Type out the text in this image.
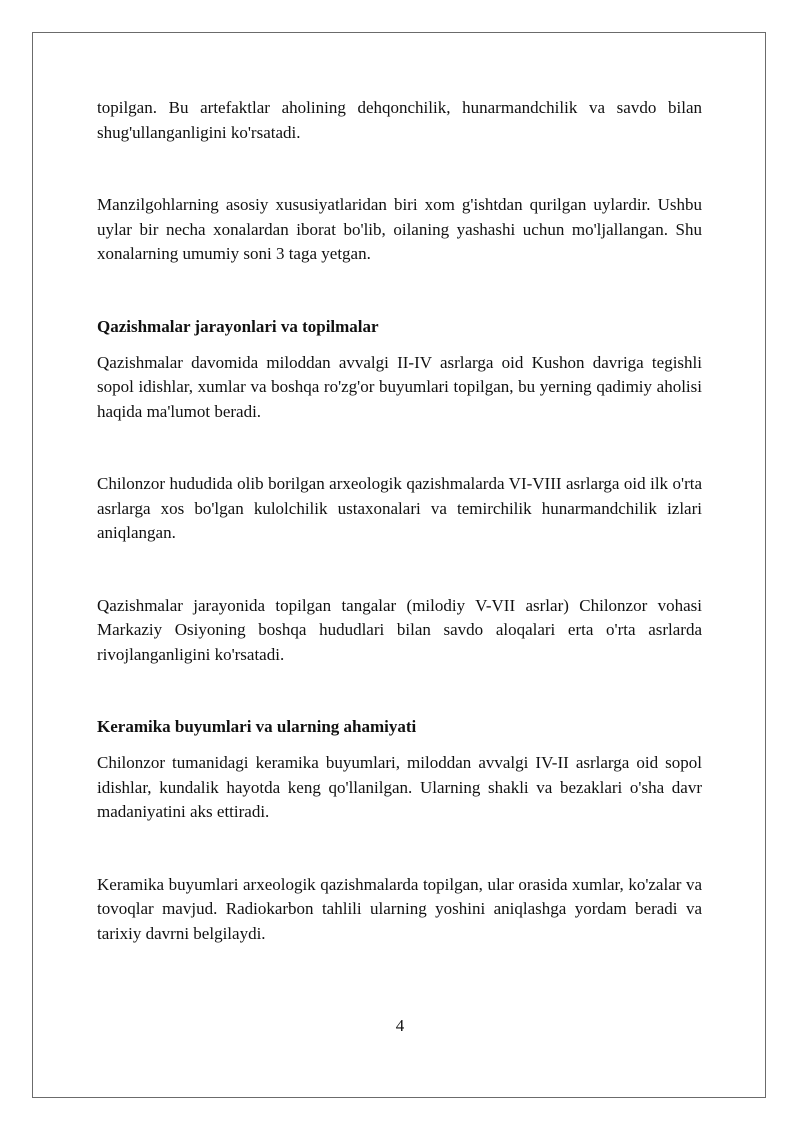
topilgan. Bu artefaktlar aholining dehqonchilik, hunarmandchilik va savdo bilan shug'ullanganligini ko'rsatadi.

Manzilgohlarning asosiy xususiyatlaridan biri xom g'ishtdan qurilgan uylardir. Ushbu uylar bir necha xonalardan iborat bo'lib, oilaning yashashi uchun mo'ljallangan. Shu xonalarning umumiy soni 3 taga yetgan.

Qazishmalar jarayonlari va topilmalar

Qazishmalar davomida miloddan avvalgi II-IV asrlarga oid Kushon davriga tegishli sopol idishlar, xumlar va boshqa ro'zg'or buyumlari topilgan, bu yerning qadimiy aholisi haqida ma'lumot beradi.

Chilonzor hududida olib borilgan arxeologik qazishmalarda VI-VIII asrlarga oid ilk o'rta asrlarga xos bo'lgan kulolchilik ustaxonalari va temirchilik hunarmandchilik izlari aniqlangan.

Qazishmalar jarayonida topilgan tangalar (milodiy V-VII asrlar) Chilonzor vohasi Markaziy Osiyoning boshqa hududlari bilan savdo aloqalari erta o'rta asrlarda rivojlanganligini ko'rsatadi.

Keramika buyumlari va ularning ahamiyati

Chilonzor tumanidagi keramika buyumlari, miloddan avvalgi IV-II asrlarga oid sopol idishlar, kundalik hayotda keng qo'llanilgan. Ularning shakli va bezaklari o'sha davr madaniyatini aks ettiradi.

Keramika buyumlari arxeologik qazishmalarda topilgan, ular orasida xumlar, ko'zalar va tovoqlar mavjud. Radiokarbon tahlili ularning yoshini aniqlashga yordam beradi va tarixiy davrni belgilaydi.

4
